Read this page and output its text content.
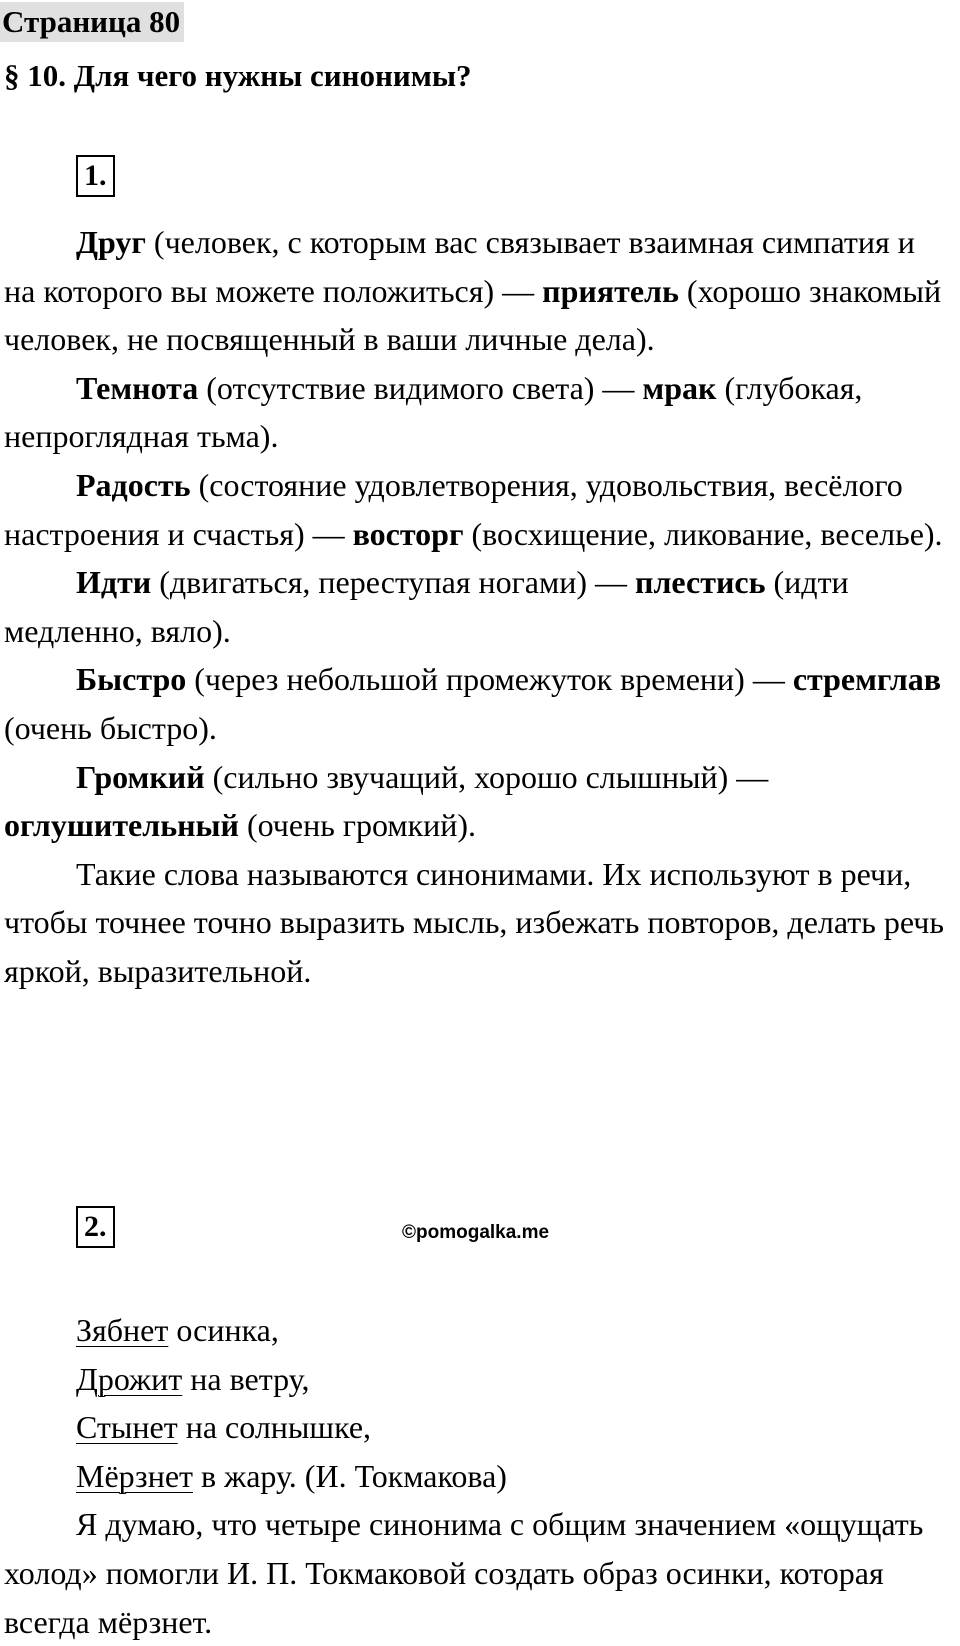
Страница 80
§ 10. Для чего нужны синонимы?
1.

Друг (человек, с которым вас связывает взаимная симпатия и на которого вы можете положиться) — приятель (хорошо знакомый человек, не посвященный в ваши личные дела).

Темнота (отсутствие видимого света) — мрак (глубокая, непроглядная тьма).

Радость (состояние удовлетворения, удовольствия, весёлого настроения и счастья) — восторг (восхищение, ликование, веселье).

Идти (двигаться, переступая ногами) — плестись (идти медленно, вяло).

Быстро (через небольшой промежуток времени) — стремглав (очень быстро).

Громкий (сильно звучащий, хорошо слышный) — оглушительный (очень громкий).

Такие слова называются синонимами. Их используют в речи, чтобы точнее точно выразить мысль, избежать повторов, делать речь яркой, выразительной.

2.	©pomogalka.me

Зябнет осинка,

Дрожит на ветру,

Стынет на солнышке,

Мёрзнет в жару. (И. Токмакова)

Я думаю, что четыре синонима с общим значением «ощущать холод» помогли И. П. Токмаковой создать образ осинки, которая всегда мёрзнет.
